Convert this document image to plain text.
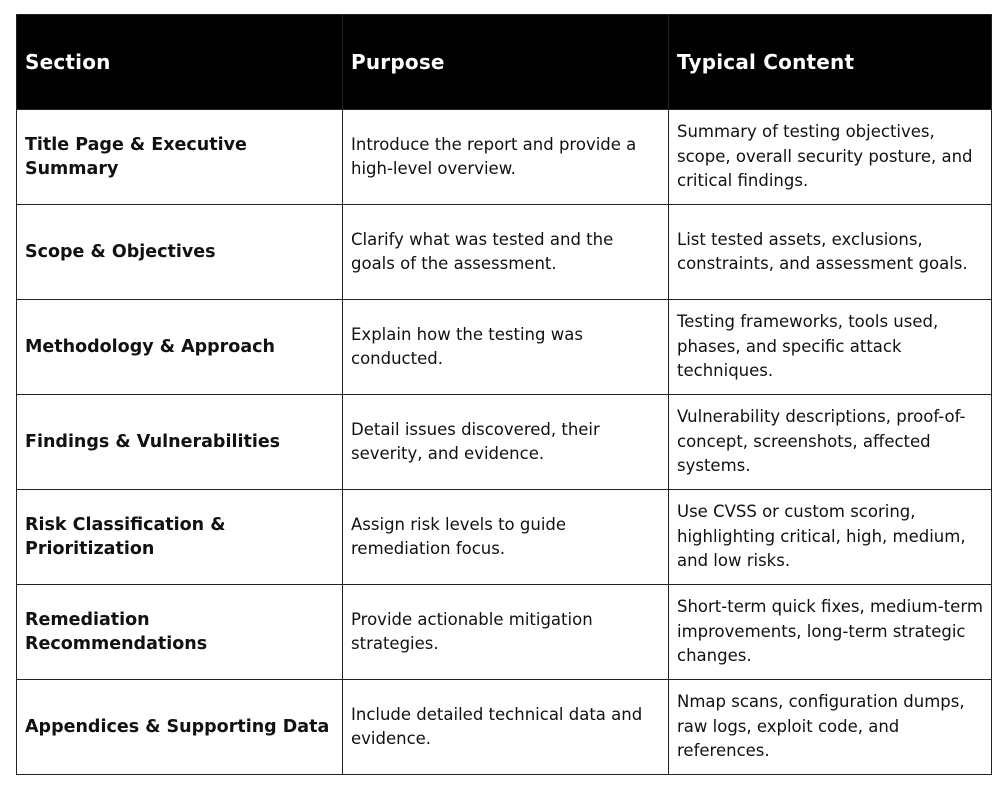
Section	Purpose	Typical Content
Title Page & Executive Summary	Introduce the report and provide a high-level overview.	Summary of testing objectives, scope, overall security posture, and critical findings.
Scope & Objectives	Clarify what was tested and the goals of the assessment.	List tested assets, exclusions, constraints, and assessment goals.
Methodology & Approach	Explain how the testing was conducted.	Testing frameworks, tools used, phases, and specific attack techniques.
Findings & Vulnerabilities	Detail issues discovered, their severity, and evidence.	Vulnerability descriptions, proof-of-concept, screenshots, affected systems.
Risk Classification & Prioritization	Assign risk levels to guide remediation focus.	Use CVSS or custom scoring, highlighting critical, high, medium, and low risks.
Remediation Recommendations	Provide actionable mitigation strategies.	Short-term quick fixes, medium-term improvements, long-term strategic changes.
Appendices & Supporting Data	Include detailed technical data and evidence.	Nmap scans, configuration dumps, raw logs, exploit code, and references.
